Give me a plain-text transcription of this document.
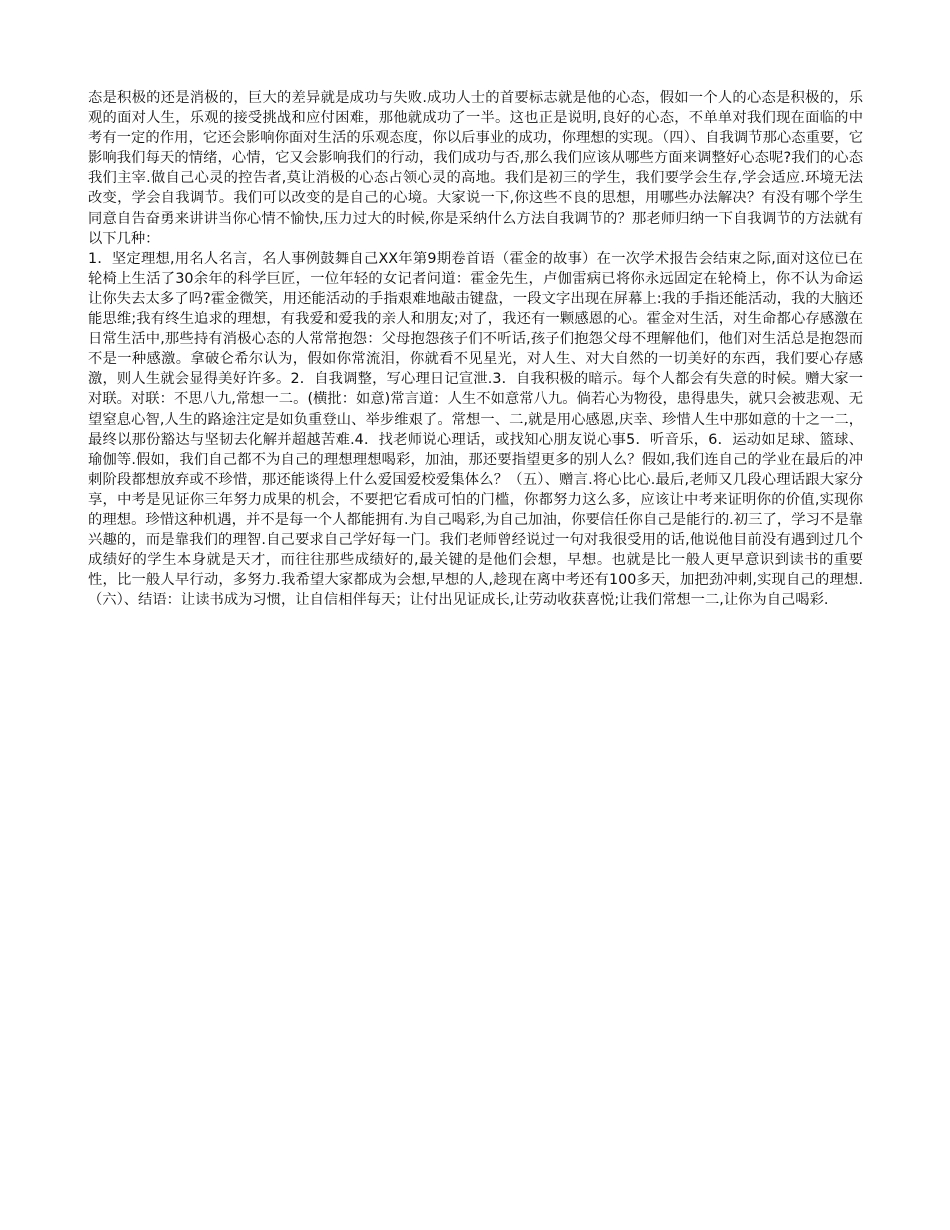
态是积极的还是消极的，巨大的差异就是成功与失败.成功人士的首要标志就是他的心态，假如一个人的心态是积极的，乐观的面对人生，乐观的接受挑战和应付困难，那他就成功了一半。这也正是说明,良好的心态，不单单对我们现在面临的中考有一定的作用，它还会影响你面对生活的乐观态度，你以后事业的成功，你理想的实现。（四）、自我调节那心态重要，它影响我们每天的情绪，心情，它又会影响我们的行动，我们成功与否,那么我们应该从哪些方面来调整好心态呢?我们的心态我们主宰.做自己心灵的控告者,莫让消极的心态占领心灵的高地。我们是初三的学生，我们要学会生存,学会适应.环境无法改变，学会自我调节。我们可以改变的是自己的心境。大家说一下,你这些不良的思想，用哪些办法解决？有没有哪个学生同意自告奋勇来讲讲当你心情不愉快,压力过大的时候,你是采纳什么方法自我调节的？那老师归纳一下自我调节的方法就有以下几种：

1．坚定理想,用名人名言，名人事例鼓舞自己XX年第9期卷首语（霍金的故事）在一次学术报告会结束之际,面对这位已在轮椅上生活了30余年的科学巨匠，一位年轻的女记者问道：霍金先生，卢伽雷病已将你永远固定在轮椅上，你不认为命运让你失去太多了吗?霍金微笑，用还能活动的手指艰难地敲击键盘，一段文字出现在屏幕上:我的手指还能活动，我的大脑还能思维;我有终生追求的理想，有我爱和爱我的亲人和朋友;对了，我还有一颗感恩的心。霍金对生活，对生命都心存感激在日常生活中,那些持有消极心态的人常常抱怨：父母抱怨孩子们不听话,孩子们抱怨父母不理解他们，他们对生活总是抱怨而不是一种感激。拿破仑希尔认为，假如你常流泪，你就看不见星光，对人生、对大自然的一切美好的东西，我们要心存感激，则人生就会显得美好许多。2．自我调整，写心理日记宣泄.3．自我积极的暗示。每个人都会有失意的时候。赠大家一对联。对联：不思八九,常想一二。(横批：如意)常言道：人生不如意常八九。倘若心为物役，患得患失，就只会被悲观、无望窒息心智,人生的路途注定是如负重登山、举步维艰了。常想一、二,就是用心感恩,庆幸、珍惜人生中那如意的十之一二，最终以那份豁达与坚韧去化解并超越苦难.4．找老师说心理话，或找知心朋友说心事5．听音乐，6．运动如足球、篮球、瑜伽等.假如，我们自己都不为自己的理想理想喝彩，加油，那还要指望更多的别人么？假如,我们连自己的学业在最后的冲刺阶段都想放弃或不珍惜，那还能谈得上什么爱国爱校爱集体么？（五）、赠言.将心比心.最后,老师又几段心理话跟大家分享，中考是见证你三年努力成果的机会，不要把它看成可怕的门槛，你都努力这么多，应该让中考来证明你的价值,实现你的理想。珍惜这种机遇，并不是每一个人都能拥有.为自己喝彩,为自己加油，你要信任你自己是能行的.初三了，学习不是靠兴趣的，而是靠我们的理智.自己要求自己学好每一门。我们老师曾经说过一句对我很受用的话,他说他目前没有遇到过几个成绩好的学生本身就是天才，而往往那些成绩好的,最关键的是他们会想，早想。也就是比一般人更早意识到读书的重要性，比一般人早行动，多努力.我希望大家都成为会想,早想的人,趁现在离中考还有100多天，加把劲冲刺,实现自己的理想.（六）、结语：让读书成为习惯，让自信相伴每天；让付出见证成长,让劳动收获喜悦;让我们常想一二,让你为自己喝彩.
